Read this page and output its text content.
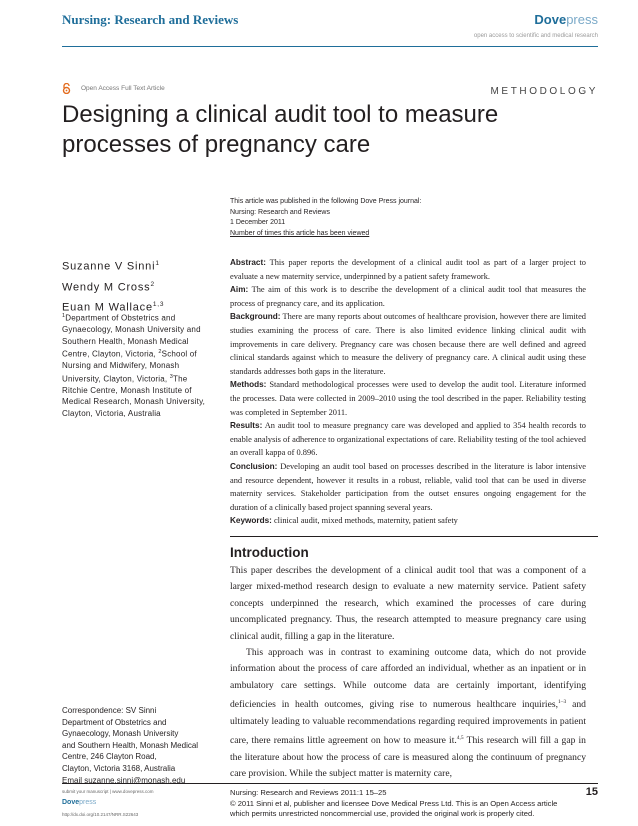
Nursing: Research and Reviews	Dovepress
open access to scientific and medical research
Open Access Full Text Article	METHODOLOGY
Designing a clinical audit tool to measure processes of pregnancy care
This article was published in the following Dove Press journal:
Nursing: Research and Reviews
1 December 2011
Number of times this article has been viewed
Suzanne V Sinni$^1$
Wendy M Cross$^2$
Euan M Wallace$^{1,3}$
$^1$Department of Obstetrics and Gynaecology, Monash University and Southern Health, Monash Medical Centre, Clayton, Victoria, $^2$School of Nursing and Midwifery, Monash University, Clayton, Victoria, $^3$The Ritchie Centre, Monash Institute of Medical Research, Monash University, Clayton, Victoria, Australia

Abstract: This paper reports the development of a clinical audit tool as part of a larger project to evaluate a new maternity service, underpinned by a patient safety framework.

Aim: The aim of this work is to describe the development of a clinical audit tool that measures the process of pregnancy care, and its application.

Background: There are many reports about outcomes of healthcare provision, however there are limited studies examining the process of care. There is also limited evidence linking clinical audit with improvements in care delivery. Pregnancy care was chosen because there are well defined and agreed clinical standards against which to measure the delivery of pregnancy care. A clinical audit using these standards addresses both gaps in the literature.

Methods: Standard methodological processes were used to develop the audit tool. Literature informed the processes. Data were collected in 2009–2010 using the tool described in the paper. Reliability testing was completed in September 2011.

Results: An audit tool to measure pregnancy care was developed and applied to 354 health records to enable analysis of adherence to organizational expectations of care. Reliability testing of the tool achieved an overall kappa of 0.896.

Conclusion: Developing an audit tool based on processes described in the literature is labor intensive and resource dependent, however it results in a robust, reliable, valid tool that can be used in diverse maternity services. Stakeholder participation from the outset ensures ongoing engagement for the duration of a clinically based project spanning several years.

Keywords: clinical audit, mixed methods, maternity, patient safety

Introduction

This paper describes the development of a clinical audit tool that was a component of a larger mixed-method research design to evaluate a new maternity service. Patient safety concepts underpinned the research, which examined the processes of care during uncomplicated pregnancy. Thus, the research attempted to measure pregnancy care using clinical audit, filling a gap in the literature.

This approach was in contrast to examining outcome data, which do not provide information about the process of care afforded an individual, whether as an inpatient or in ambulatory care settings. While outcome data are certainly important, identifying deficiencies in health outcomes, giving rise to numerous healthcare inquiries,$^{1-3}$ and ultimately leading to valuable recommendations regarding required improvements in patient care, there remains little agreement on how to measure it.$^{4,5}$ This research will fill a gap in the literature about how the process of care is measured along the continuum of pregnancy care provision. While the subject matter is maternity care,

Correspondence: SV Sinni
Department of Obstetrics and
Gynaecology, Monash University
and Southern Health, Monash Medical
Centre, 246 Clayton Road,
Clayton, Victoria 3168, Australia
Email suzanne.sinni@monash.edu
submit your manuscript | www.dovepress.com
Dovepress
http://dx.doi.org/10.2147/NRR.S22643
Nursing: Research and Reviews 2011:1 15–25
© 2011 Sinni et al, publisher and licensee Dove Medical Press Ltd. This is an Open Access article which permits unrestricted noncommercial use, provided the original work is properly cited.
15
